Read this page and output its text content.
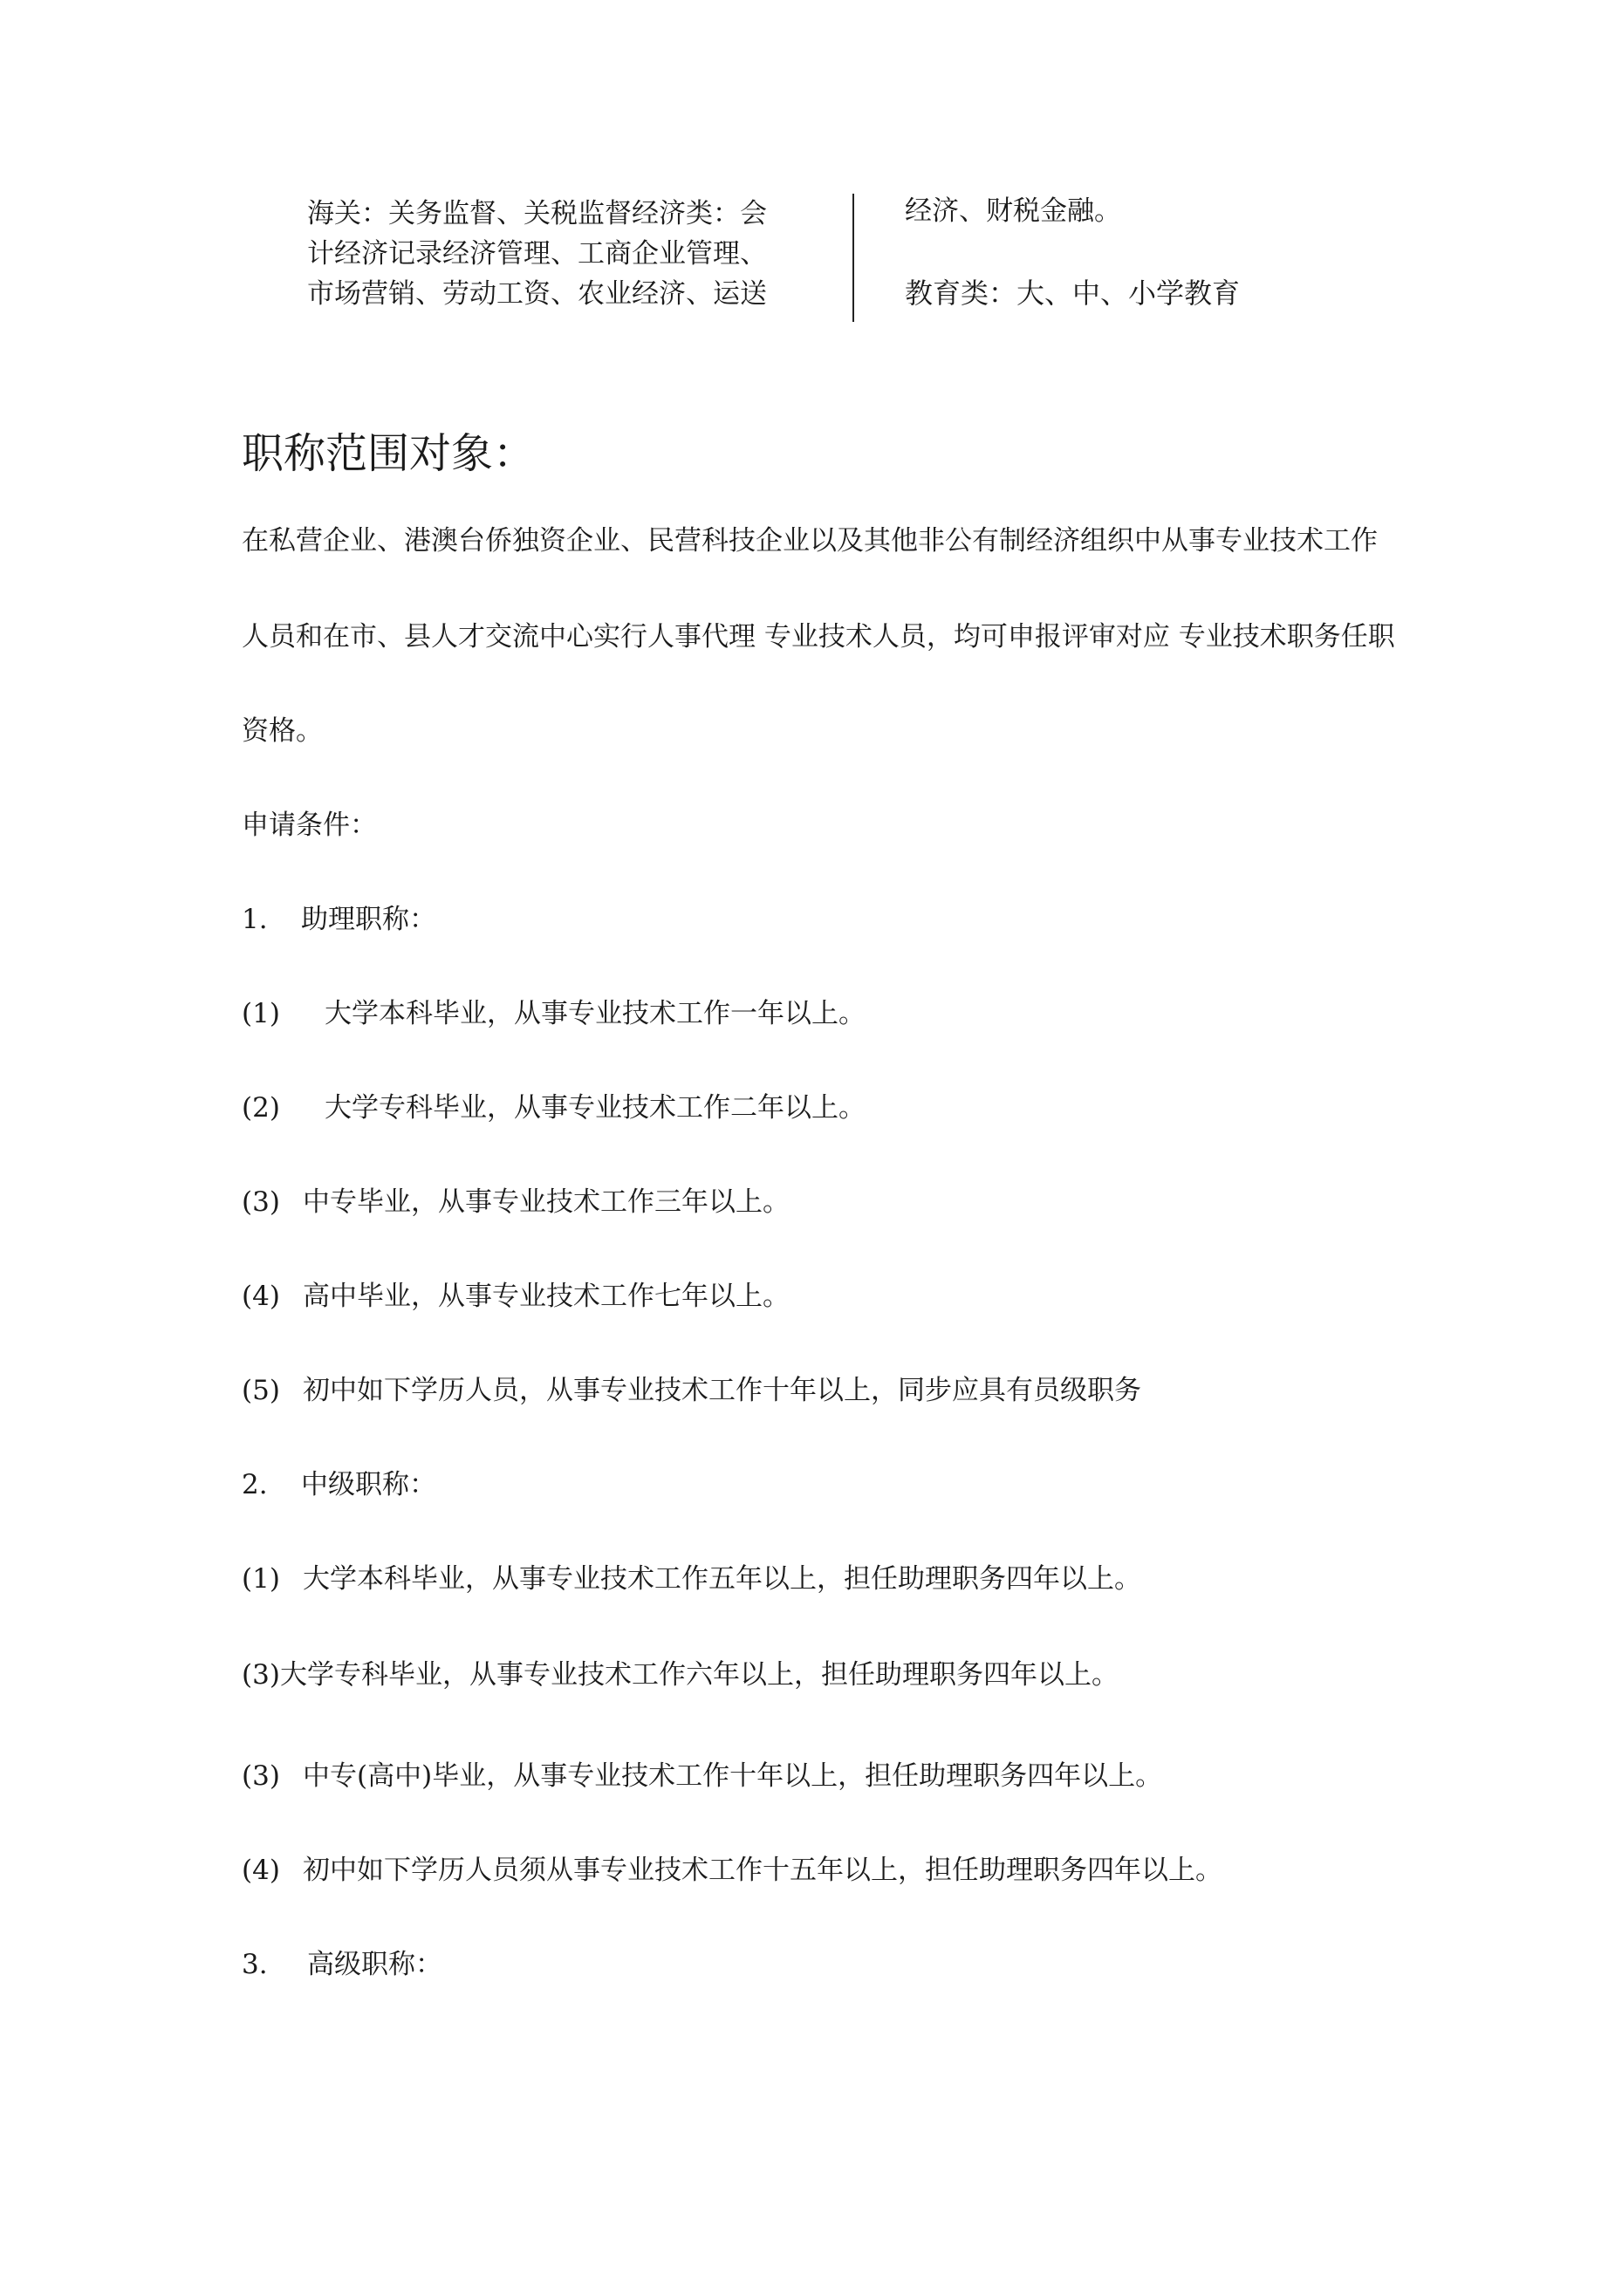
海关：关务监督、关税监督经济类：会
计经济记录经济管理、工商企业管理、
市场营销、劳动工资、农业经济、运送
经济、财税金融。
教育类：大、中、小学教育
职称范围对象：
在私营企业、港澳台侨独资企业、民营科技企业以及其他非公有制经济组织中从事专业技术工作
人员和在市、县人才交流中心实行人事代理 专业技术人员，均可申报评审对应 专业技术职务任职
资格。
申请条件：
1. 助理职称：
(1) 大学本科毕业，从事专业技术工作一年以上。
(2) 大学专科毕业，从事专业技术工作二年以上。
(3) 中专毕业，从事专业技术工作三年以上。
(4) 高中毕业，从事专业技术工作七年以上。
(5) 初中如下学历人员，从事专业技术工作十年以上，同步应具有员级职务
2. 中级职称：
(1) 大学本科毕业，从事专业技术工作五年以上，担任助理职务四年以上。
(3)大学专科毕业，从事专业技术工作六年以上，担任助理职务四年以上。
(3) 中专(高中)毕业，从事专业技术工作十年以上，担任助理职务四年以上。
(4) 初中如下学历人员须从事专业技术工作十五年以上，担任助理职务四年以上。
3. 高级职称：
